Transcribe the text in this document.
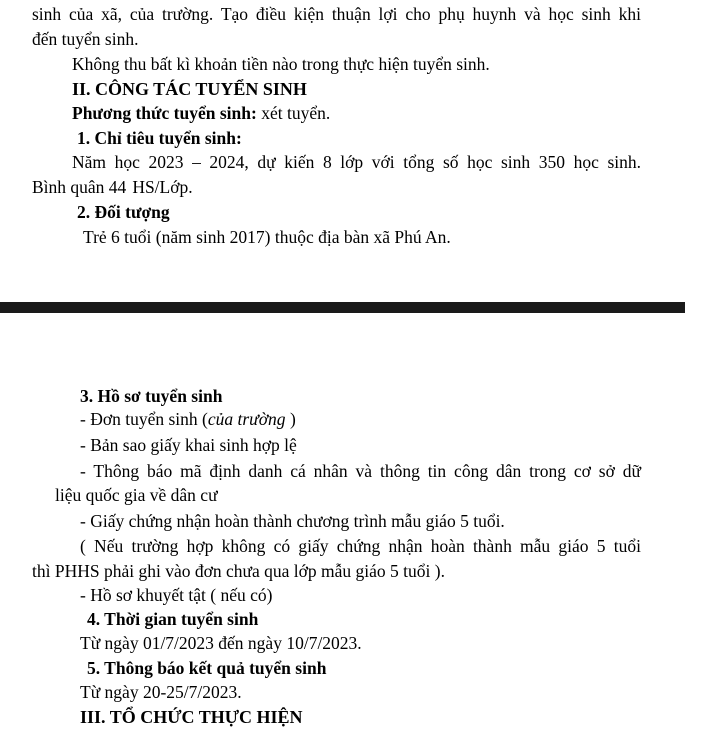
sinh của xã, của trường. Tạo điều kiện thuận lợi cho phụ huynh và học sinh khi
đến tuyển sinh.
Không thu bất kì khoản tiền nào trong thực hiện tuyển sinh.
II. CÔNG TÁC TUYỂN SINH
Phương thức tuyển sinh: xét tuyển.
1. Chỉ tiêu tuyển sinh:
Năm học 2023 – 2024, dự kiến 8 lớp với tổng số học sinh 350 học sinh.
Bình quân 44 HS/Lớp.
2. Đối tượng
Trẻ 6 tuổi (năm sinh 2017) thuộc địa bàn xã Phú An.
3. Hồ sơ tuyển sinh
- Đơn tuyển sinh (của trường )
- Bản sao giấy khai sinh hợp lệ
- Thông báo mã định danh cá nhân và thông tin công dân trong cơ sở dữ
liệu quốc gia về dân cư
- Giấy chứng nhận hoàn thành chương trình mẫu giáo 5 tuổi.
( Nếu trường hợp không có giấy chứng nhận hoàn thành mẫu giáo 5 tuổi
thì PHHS phải ghi vào đơn chưa qua lớp mẫu giáo 5 tuổi ).
- Hồ sơ khuyết tật ( nếu có)
4. Thời gian tuyển sinh
Từ ngày 01/7/2023 đến ngày 10/7/2023.
5. Thông báo kết quả tuyển sinh
Từ ngày 20-25/7/2023.
III. TỔ CHỨC THỰC HIỆN
